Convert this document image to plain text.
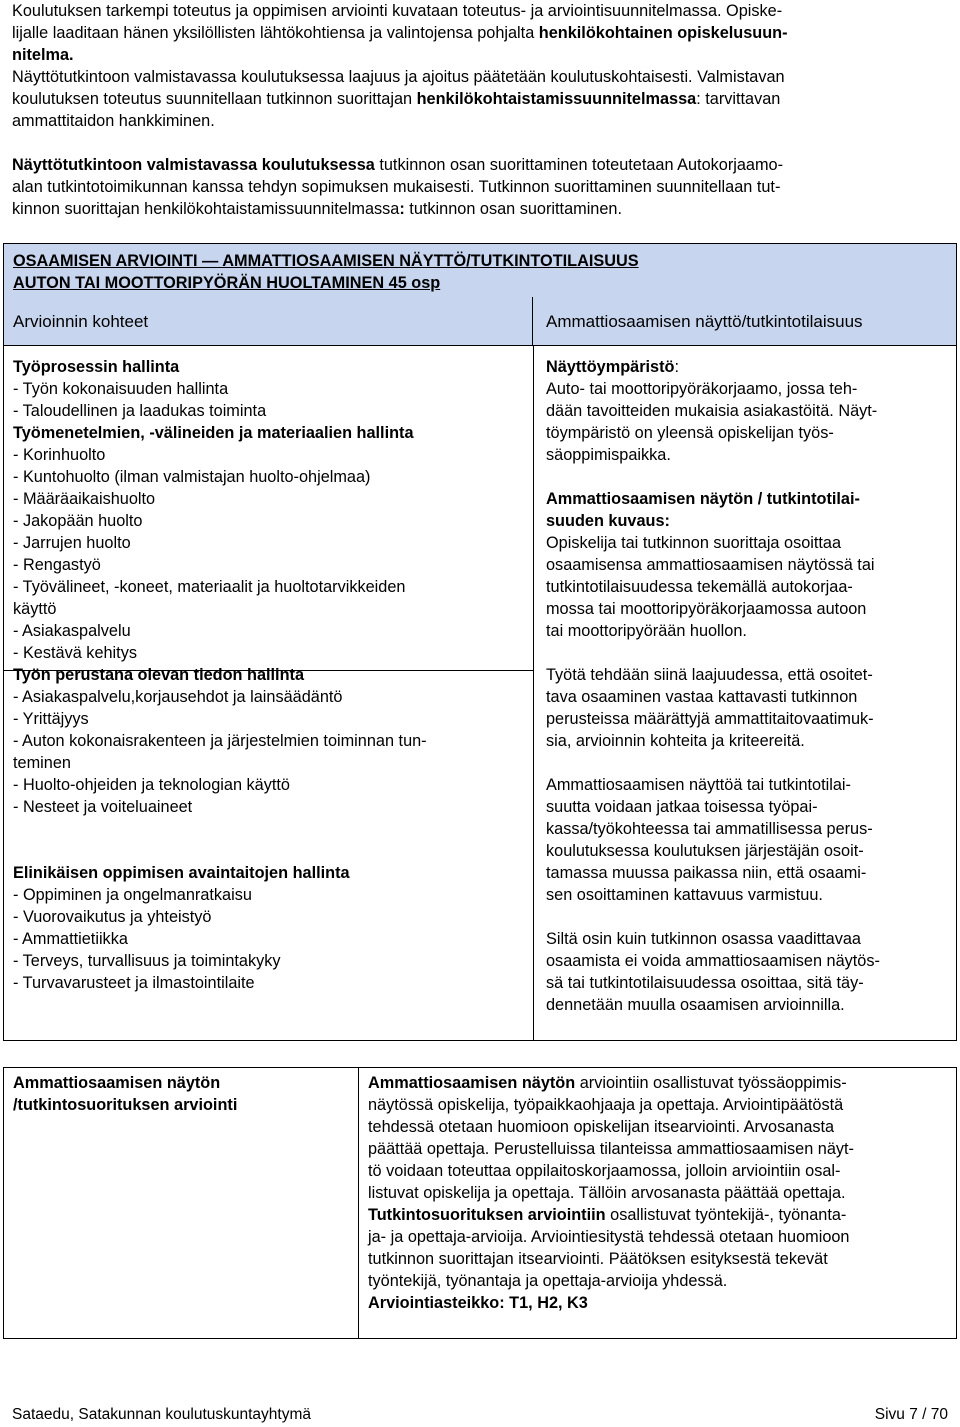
Koulutuksen tarkempi toteutus ja oppimisen arviointi kuvataan toteutus- ja arviointisuunnitelmassa. Opiske-
lijalle laaditaan hänen yksilöllisten lähtökohtiensa ja valintojensa pohjalta henkilökohtainen opiskelusuun-
nitelma.

Näyttötutkintoon valmistavassa koulutuksessa laajuus ja ajoitus päätetään koulutuskohtaisesti. Valmistavan
koulutuksen toteutus suunnitellaan tutkinnon suorittajan henkilökohtaistamissuunnitelmassa: tarvittavan
ammattitaidon hankkiminen.

Näyttötutkintoon valmistavassa koulutuksessa tutkinnon osan suorittaminen toteutetaan Autokorjaamo-
alan tutkintotoimikunnan kanssa tehdyn sopimuksen mukaisesti. Tutkinnon suorittaminen suunnitellaan tut-
kinnon suorittajan henkilökohtaistamissuunnitelmassa: tutkinnon osan suorittaminen.

OSAAMISEN ARVIOINTI — AMMATTIOSAAMISEN NÄYTTÖ/TUTKINTOTILAISUUS
AUTON TAI MOOTTORIPYÖRÄN HUOLTAMINEN 45 osp
Arvioinnin kohteet	Ammattiosaamisen näyttö/tutkintotilaisuus
Työprosessin hallinta
- Työn kokonaisuuden hallinta
- Taloudellinen ja laadukas toiminta
Työmenetelmien, -välineiden ja materiaalien hallinta
- Korinhuolto
- Kuntohuolto (ilman valmistajan huolto-ohjelmaa)
- Määräaikaishuolto
- Jakopään huolto
- Jarrujen huolto
- Rengastyö
- Työvälineet, -koneet, materiaalit ja huoltotarvikkeiden
käyttö
- Asiakaspalvelu
- Kestävä kehitys
Työn perustana olevan tiedon hallinta
- Asiakaspalvelu,korjausehdot ja lainsäädäntö
- Yrittäjyys
- Auton kokonaisrakenteen ja järjestelmien toiminnan tun-
teminen
- Huolto-ohjeiden ja teknologian käyttö
- Nesteet ja voiteluaineet
Elinikäisen oppimisen avaintaitojen hallinta
- Oppiminen ja ongelmanratkaisu
- Vuorovaikutus ja yhteistyö
- Ammattietiikka
- Terveys, turvallisuus ja toimintakyky
- Turvavarusteet ja ilmastointilaite

Näyttöympäristö:
Auto- tai moottoripyöräkorjaamo, jossa teh-
dään tavoitteiden mukaisia asiakastöitä. Näyt-
töympäristö on yleensä opiskelijan työs-
säoppimispaikka.

Ammattiosaamisen näytön / tutkintotilai-
suuden kuvaus:
Opiskelija tai tutkinnon suorittaja osoittaa
osaamisensa ammattiosaamisen näytössä tai
tutkintotilaisuudessa tekemällä autokorjaa-
mossa tai moottoripyöräkorjaamossa autoon
tai moottoripyörään huollon.

Työtä tehdään siinä laajuudessa, että osoitet-
tava osaaminen vastaa kattavasti tutkinnon
perusteissa määrättyjä ammattitaitovaatimuk-
sia, arvioinnin kohteita ja kriteereitä.

Ammattiosaamisen näyttöä tai tutkintotilai-
suutta voidaan jatkaa toisessa työpai-
kassa/työkohteessa tai ammatillisessa perus-
koulutuksessa koulutuksen järjestäjän osoit-
tamassa muussa paikassa niin, että osaami-
sen osoittaminen kattavuus varmistuu.

Siltä osin kuin tutkinnon osassa vaadittavaa
osaamista ei voida ammattiosaamisen näytös-
sä tai tutkintotilaisuudessa osoittaa, sitä täy-
dennetään muulla osaamisen arvioinnilla.

Ammattiosaamisen näytön
/tutkintosuorituksen arviointi
Ammattiosaamisen näytön arviointiin osallistuvat työssäoppimis-
näytössä opiskelija, työpaikkaohjaaja ja opettaja. Arviointipäätöstä
tehdessä otetaan huomioon opiskelijan itsearviointi. Arvosanasta
päättää opettaja. Perustelluissa tilanteissa ammattiosaamisen näyt-
tö voidaan toteuttaa oppilaitoskorjaamossa, jolloin arviointiin osal-
listuvat opiskelija ja opettaja. Tällöin arvosanasta päättää opettaja.
Tutkintosuorituksen arviointiin osallistuvat työntekijä-, työnanta-
ja- ja opettaja-arvioija. Arviointiesitystä tehdessä otetaan huomioon
tutkinnon suorittajan itsearviointi. Päätöksen esityksestä tekevät
työntekijä, työnantaja ja opettaja-arvioija yhdessä.
Arviointiasteikko: T1, H2, K3
Sataedu, Satakunnan koulutuskuntayhtymä	Sivu 7 / 70
